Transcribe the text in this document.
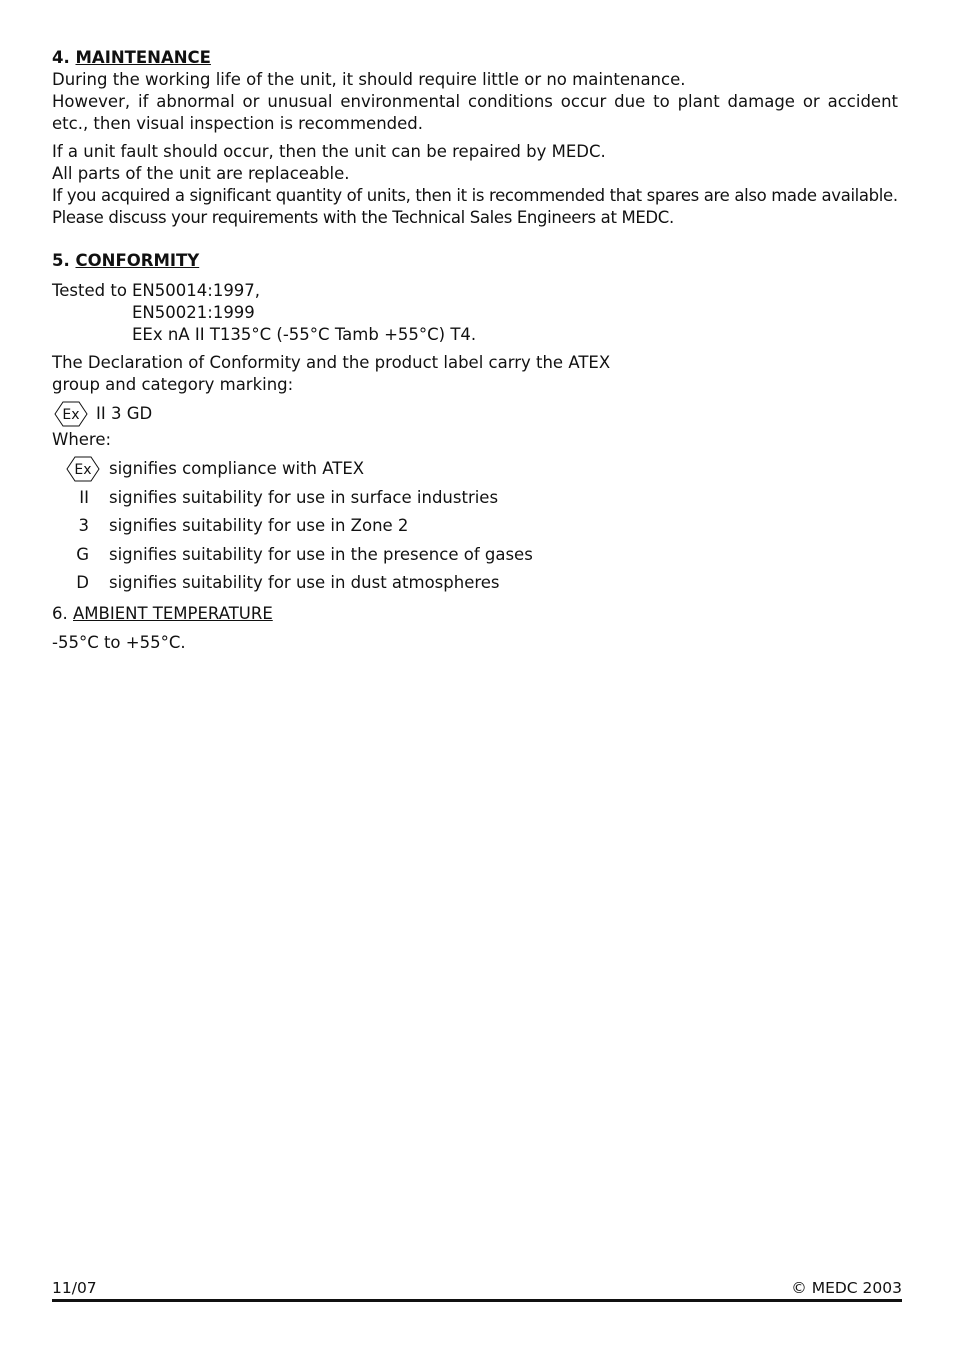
4. MAINTENANCE

During the working life of the unit, it should require little or no maintenance.

However, if abnormal or unusual environmental conditions occur due to plant damage or accident etc., then visual inspection is recommended.

If a unit fault should occur, then the unit can be repaired by MEDC.

All parts of the unit are replaceable.

If you acquired a significant quantity of units, then it is recommended that spares are also made available. Please discuss your requirements with the Technical Sales Engineers at MEDC.

5. CONFORMITY
Tested to EN50014:1997,
EN50021:1999
EEx nA II T135°C (-55°C Tamb +55°C) T4.

The Declaration of Conformity and the product label carry the ATEX

group and category marking:

Ex II 3 GD

Where:

Ex signifies compliance with ATEX
II	signifies suitability for use in surface industries
3	signifies suitability for use in Zone 2
G	signifies suitability for use in the presence of gases
D	signifies suitability for use in dust atmospheres
6. AMBIENT TEMPERATURE

-55°C to +55°C.

11/07	© MEDC 2003
